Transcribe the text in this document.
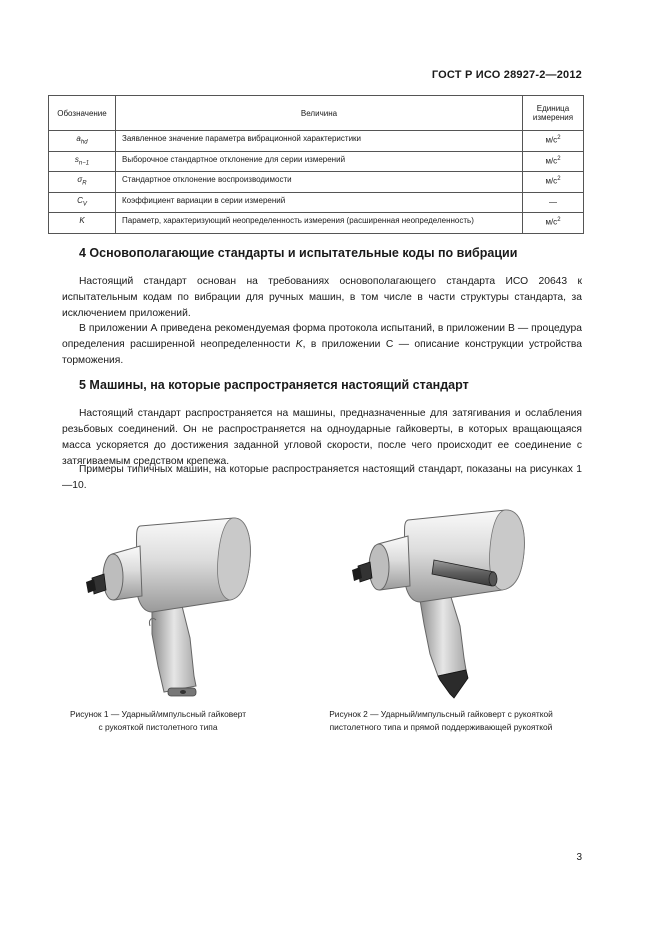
ГОСТ Р ИСО 28927-2—2012
Обозначение	Величина	Единица
измерения
$a_{hd}$	Заявленное значение параметра вибрационной характеристики	$м/с^2$
$s_{n-1}$	Выборочное стандартное отклонение для серии измерений	$м/с^2$
$\sigma_R$	Стандартное отклонение воспроизводимости	$м/с^2$
$C_V$	Коэффициент вариации в серии измерений	—
K	Параметр, характеризующий неопределенность измерения (расширенная неопределенность)	$м/с^2$
4 Основополагающие стандарты и испытательные коды по вибрации

Настоящий стандарт основан на требованиях основополагающего стандарта ИСО 20643 к испытательным кодам по вибрации для ручных машин, в том числе в части структуры стандарта, за исключением приложений.

В приложении А приведена рекомендуемая форма протокола испытаний, в приложении В — процедура определения расширенной неопределенности K, в приложении С — описание конструкции устройства торможения.

5 Машины, на которые распространяется настоящий стандарт

Настоящий стандарт распространяется на машины, предназначенные для затягивания и ослабления резьбовых соединений. Он не распространяется на одноударные гайковерты, в которых вращающаяся масса ускоряется до достижения заданной угловой скорости, после чего происходит ее соединение с затягиваемым средством крепежа.

Примеры типичных машин, на которые распространяется настоящий стандарт, показаны на рисунках 1—10.

Рисунок 1 — Ударный/импульсный гайковерт
с рукояткой пистолетного типа
Рисунок 2 — Ударный/импульсный гайковерт с рукояткой
пистолетного типа и прямой поддерживающей рукояткой
3
